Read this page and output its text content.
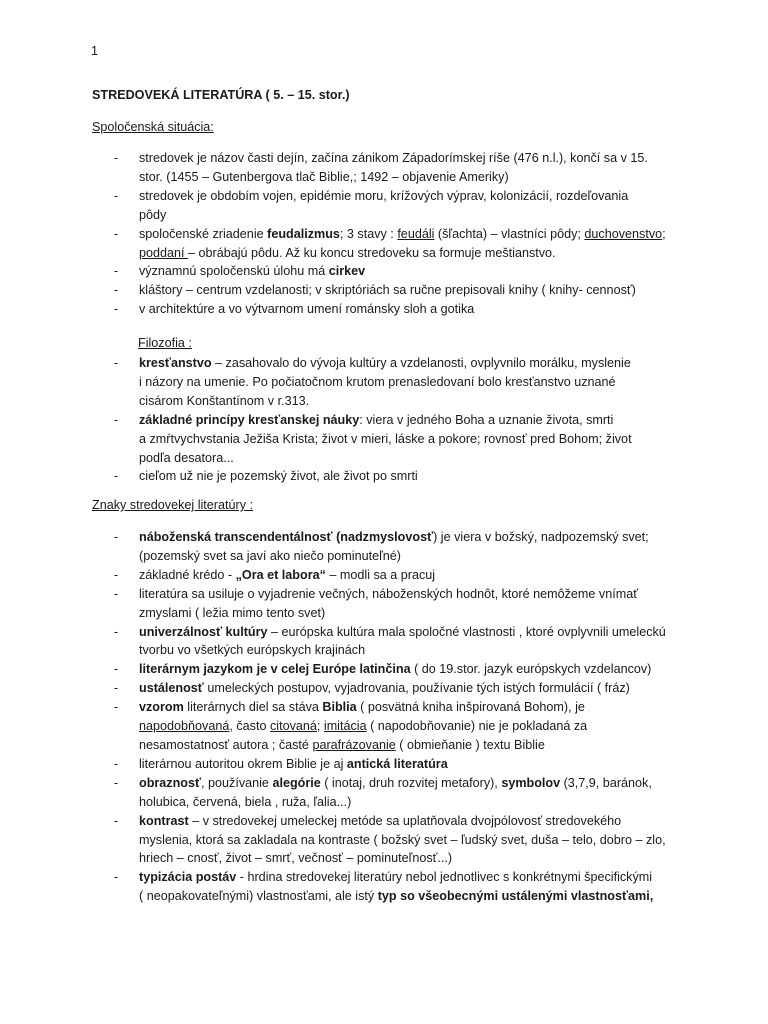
1
STREDOVEKÁ LITERATÚRA ( 5. – 15. stor.)
Spoločenská situácia:
- stredovek je názov časti dejín, začína zánikom Západorímskej ríše (476 n.l.), končí sa v 15.
stor. (1455 – Gutenbergova tlač Biblie,; 1492 – objavenie Ameriky)
- stredovek je obdobím vojen, epidémie moru, krížových výprav, kolonizácií, rozdeľovania
pôdy
- spoločenské zriadenie feudalizmus; 3 stavy : feudáli (šľachta) – vlastníci pôdy; duchovenstvo;
poddaní – obrábajú pôdu. Až ku koncu stredoveku sa formuje meštianstvo.
- významnú spoločenskú úlohu má cirkev
- kláštory – centrum vzdelanosti; v skriptóriách sa ručne prepisovali knihy ( knihy- cennosť)
- v architektúre a vo výtvarnom umení románsky sloh a gotika
Filozofia :
- kresťanstvo – zasahovalo do vývoja kultúry a vzdelanosti, ovplyvnilo morálku, myslenie
i názory na umenie. Po počiatočnom krutom prenasledovaní bolo kresťanstvo uznané
cisárom Konštantínom v r.313.
- základné princípy kresťanskej náuky: viera v jedného Boha a uznanie života, smrti
a zmŕtvychvstania Ježiša Krista; život v mieri, láske a pokore; rovnosť pred Bohom; život
podľa desatora...
- cieľom už nie je pozemský život, ale život po smrti
Znaky stredovekej literatúry :
- náboženská transcendentálnosť (nadzmyslovosť) je viera v božský, nadpozemský svet;
(pozemský svet sa javí ako niečo pominuteľné)
- základné krédo - „Ora et labora“ – modli sa a pracuj
- literatúra sa usiluje o vyjadrenie večných, náboženských hodnôt, ktoré nemôžeme vnímať
zmyslami ( ležia mimo tento svet)
- univerzálnosť kultúry – európska kultúra mala spoločné vlastnosti , ktoré ovplyvnili umeleckú
tvorbu vo všetkých európskych krajinách
- literárnym jazykom je v celej Európe latinčina ( do 19.stor. jazyk európskych vzdelancov)
- ustálenosť umeleckých postupov, vyjadrovania, používanie tých istých formulácií ( fráz)
- vzorom literárnych diel sa stáva Biblia ( posvätná kniha inšpirovaná Bohom), je
napodobňovaná, často citovaná; imitácia ( napodobňovanie) nie je pokladaná za
nesamostatnosť autora ; časté parafrázovanie ( obmieňanie ) textu Biblie
- literárnou autoritou okrem Biblie je aj antická literatúra
- obraznosť, používanie alegórie ( inotaj, druh rozvitej metafory), symbolov (3,7,9, baránok,
holubica, červená, biela , ruža, ľalia...)
- kontrast – v stredovekej umeleckej metóde sa uplatňovala dvojpólovosť stredovekého
myslenia, ktorá sa zakladala na kontraste ( božský svet – ľudský svet, duša – telo, dobro – zlo,
hriech – cnosť, život – smrť, večnosť – pominuteľnosť...)
- typizácia postáv - hrdina stredovekej literatúry nebol jednotlivec s konkrétnymi špecifickými
( neopakovateľnými) vlastnosťami, ale istý typ so všeobecnými ustálenými vlastnosťami,
